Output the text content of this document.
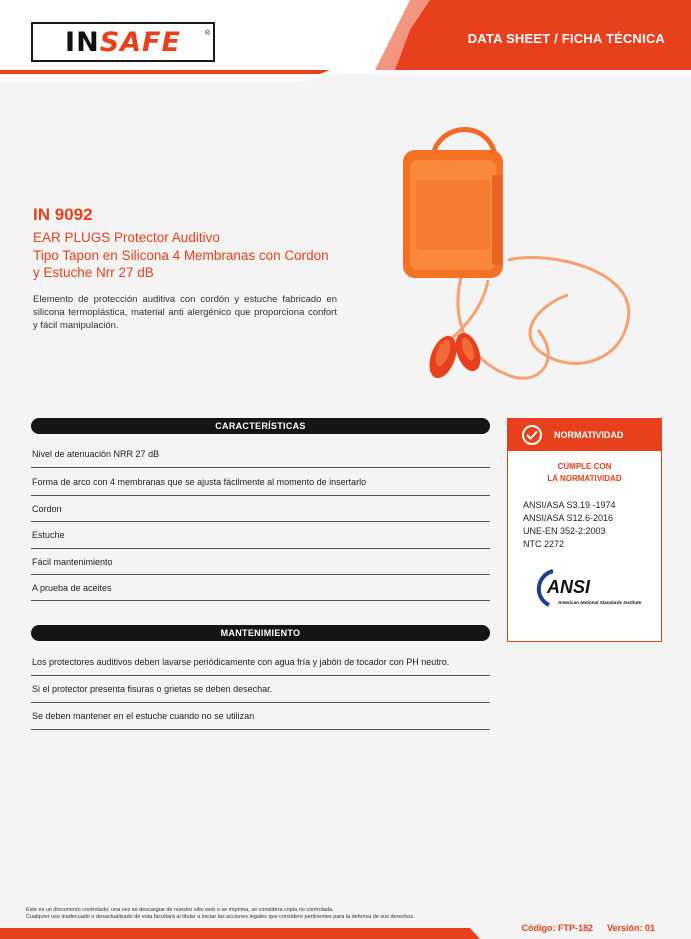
INSAFE	®	DATA SHEET / FICHA TÉCNICA
IN 9092
EAR PLUGS Protector Auditivo
Tipo Tapon en Silicona 4 Membranas con Cordon
y Estuche Nrr 27 dB
Elemento de protección auditiva con cordón y estuche fabricado en silicona termoplástica, material anti alergénico que proporciona confort y fácil manipulación.
CARACTERÍSTICAS
Nivel de atenuación NRR 27 dB
Forma de arco con 4 membranas que se ajusta fácilmente al momento de insertarlo
Cordon
Estuche
Fácil mantenimiento
A prueba de aceites
MANTENIMIENTO
Los protectores auditivos deben lavarse periódicamente con agua fría y jabón de tocador con PH neutro.
Si el protector presenta fisuras o grietas se deben desechar.
Se deben mantener en el estuche cuando no se utilizan
NORMATIVIDAD
CUMPLE CON
LA NORMATIVIDAD
ANSI/ASA S3.19 -1974
ANSI/ASA S12.6-2016
UNE-EN 352-2:2003
NTC 2272
ANSI
American National Standards Institute
Este es un documento controlado; una vez se descargue de nuestro sitio web o se imprima, se considera copia no controlada.
Cualquier uso inadecuado o desactualizado de esta facultará al titular a iniciar las acciones legales que considere pertinentes para la defensa de sus derechos.
Código: FTP-182 Versión: 01
